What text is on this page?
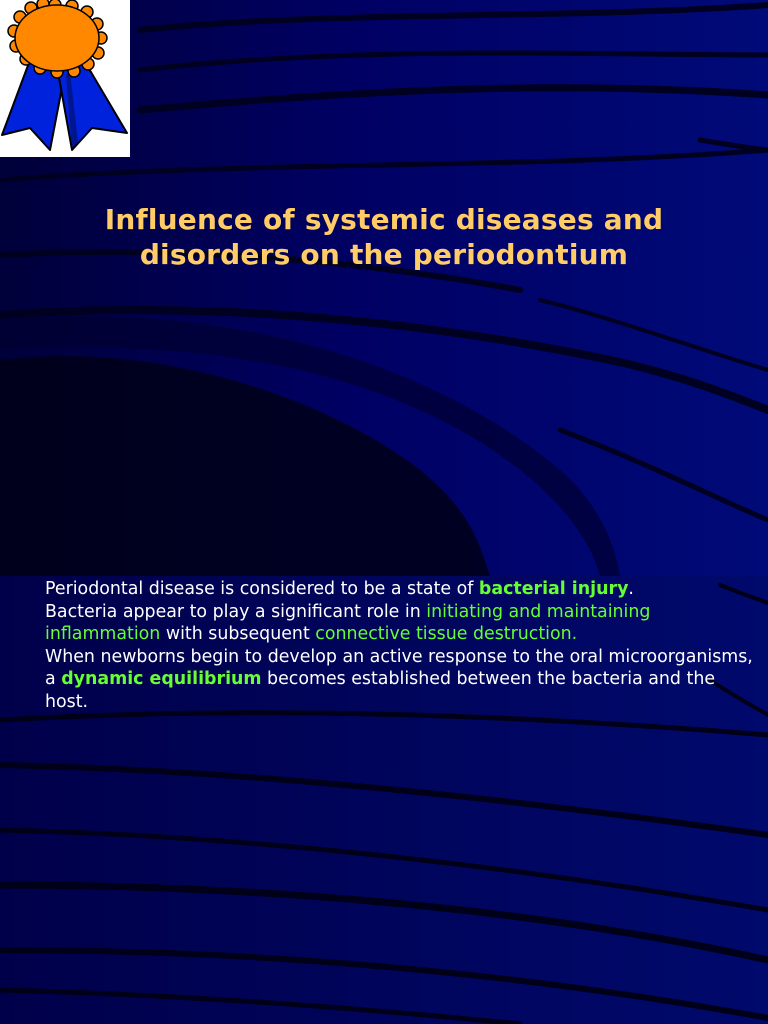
Influence of systemic diseases and disorders on the periodontium
Periodontal disease is considered to be a state of bacterial injury.
Bacteria appear to play a significant role in initiating and maintaining inflammation with subsequent connective tissue destruction.
When newborns begin to develop an active response to the oral microorganisms, a dynamic equilibrium becomes established between the bacteria and the host.
